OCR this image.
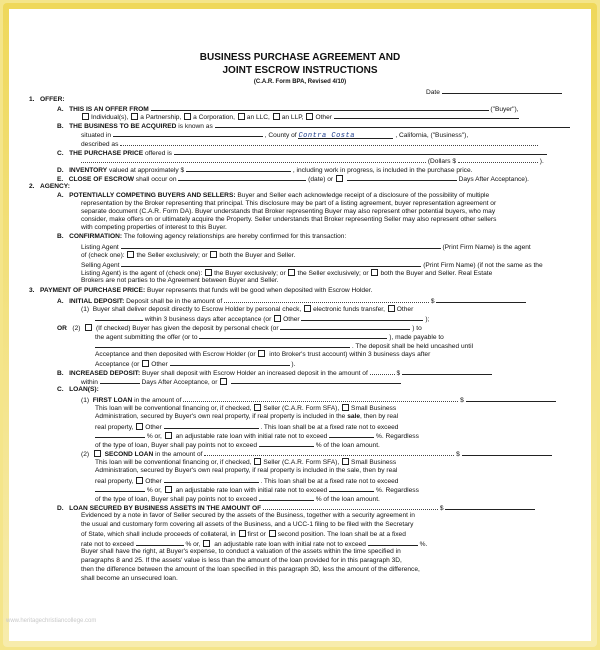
BUSINESS PURCHASE AGREEMENT AND
JOINT ESCROW INSTRUCTIONS
(C.A.R. Form BPA, Revised 4/10)
Date
1. OFFER:
A. THIS IS AN OFFER FROM	("Buyer"),
Individual(s), a Partnership, a Corporation, an LLC, an LLP, Other
B. THE BUSINESS TO BE ACQUIRED is known as
situated in	, County of Contra Costa	, California, ("Business"),
described as
C. THE PURCHASE PRICE offered is
(Dollars $	).
D. INVENTORY valued at approximately $	, including work in progress, is included in the purchase price.
E. CLOSE OF ESCROW shall occur on	(date) or	Days After Acceptance).
2. AGENCY:
A. POTENTIALLY COMPETING BUYERS AND SELLERS: Buyer and Seller each acknowledge receipt of a disclosure of the possibility of multiple
representation by the Broker representing that principal. This disclosure may be part of a listing agreement, buyer representation agreement or
separate document (C.A.R. Form DA). Buyer understands that Broker representing Buyer may also represent other potential buyers, who may
consider, make offers on or ultimately acquire the Property. Seller understands that Broker representing Seller may also represent other sellers
with competing properties of interest to this Buyer.
B. CONFIRMATION: The following agency relationships are hereby confirmed for this transaction:
Listing Agent	(Print Firm Name) is the agent
of (check one): the Seller exclusively; or both the Buyer and Seller.
Selling Agent	(Print Firm Name) (if not the same as the
Listing Agent) is the agent of (check one): the Buyer exclusively; or the Seller exclusively; or both the Buyer and Seller. Real Estate
Brokers are not parties to the Agreement between Buyer and Seller.
3. PAYMENT OF PURCHASE PRICE: Buyer represents that funds will be good when deposited with Escrow Holder.
A. INITIAL DEPOSIT: Deposit shall be in the amount of	$
(1) Buyer shall deliver deposit directly to Escrow Holder by personal check, electronic funds transfer, Other
within 3 business days after acceptance (or Other	);
OR (2) (If checked) Buyer has given the deposit by personal check (or	) to
the agent submitting the offer (or to	), made payable to
. The deposit shall be held uncashed until
Acceptance and then deposited with Escrow Holder (or into Broker's trust account) within 3 business days after
Acceptance (or Other	).
B. INCREASED DEPOSIT: Buyer shall deposit with Escrow Holder an increased deposit in the amount of	$
within	Days After Acceptance, or
C. LOAN(S):
(1) FIRST LOAN in the amount of	$
This loan will be conventional financing or, if checked, Seller (C.A.R. Form SFA), Small Business
Administration, secured by Buyer's own real property, if real property is included in the sale, then by real
real property, Other	. This loan shall be at a fixed rate not to exceed
% or, an adjustable rate loan with initial rate not to exceed	%. Regardless
of the type of loan, Buyer shall pay points not to exceed	% of the loan amount.
(2) SECOND LOAN in the amount of	$
This loan will be conventional financing or, if checked, Seller (C.A.R. Form SFA), Small Business
Administration, secured by Buyer's own real property, if real property is included in the sale, then by real
real property, Other	. This loan shall be at a fixed rate not to exceed
% or, an adjustable rate loan with initial rate not to exceed	%. Regardless
of the type of loan, Buyer shall pay points not to exceed	% of the loan amount.
D. LOAN SECURED BY BUSINESS ASSETS IN THE AMOUNT OF	$
Evidenced by a note in favor of Seller secured by the assets of the Business, together with a security agreement in
the usual and customary form covering all assets of the Business, and a UCC-1 filing to be filed with the Secretary
of State, which shall include proceeds of collateral, in first or second position. The loan shall be at a fixed
rate not to exceed	% or, an adjustable rate loan with initial rate not to exceed	%.
Buyer shall have the right, at Buyer's expense, to conduct a valuation of the assets within the time specified in
paragraphs 8 and 25. If the assets' value is less than the amount of the loan provided for in this paragraph 3D,
then the difference between the amount of the loan specified in this paragraph 3D, less the amount of the difference,
shall become an unsecured loan.
www.heritagechristiancollege.com
